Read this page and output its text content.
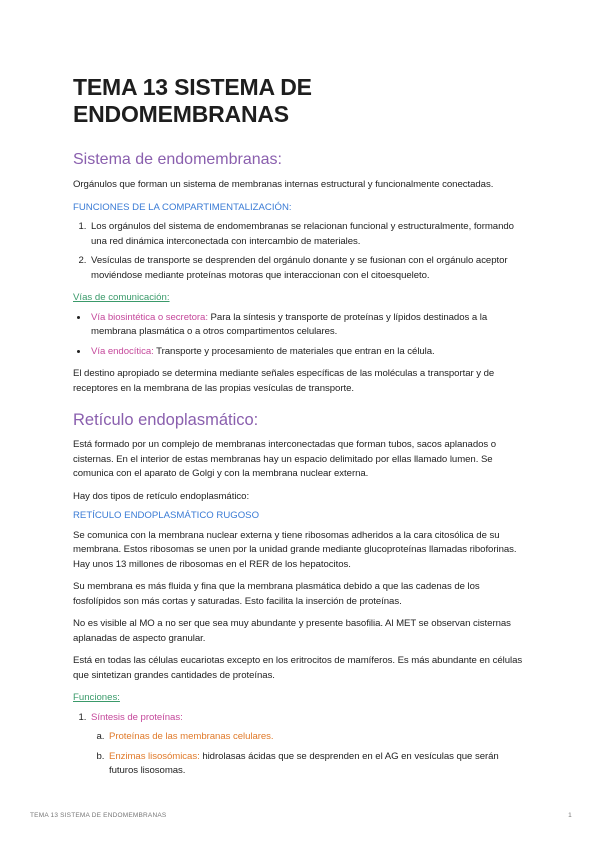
TEMA 13 SISTEMA DE ENDOMEMBRANAS
Sistema de endomembranas:

Orgánulos que forman un sistema de membranas internas estructural y funcionalmente conectadas.

FUNCIONES DE LA COMPARTIMENTALIZACIÓN:
1. Los orgánulos del sistema de endomembranas se relacionan funcional y estructuralmente, formando una red dinámica interconectada con intercambio de materiales.
2. Vesículas de transporte se desprenden del orgánulo donante y se fusionan con el orgánulo aceptor moviéndose mediante proteínas motoras que interaccionan con el citoesqueleto.
Vías de comunicación:
• Vía biosintética o secretora: Para la síntesis y transporte de proteínas y lípidos destinados a la membrana plasmática o a otros compartimentos celulares.
• Vía endocítica: Transporte y procesamiento de materiales que entran en la célula.

El destino apropiado se determina mediante señales específicas de las moléculas a transportar y de receptores en la membrana de las propias vesículas de transporte.

Retículo endoplasmático:

Está formado por un complejo de membranas interconectadas que forman tubos, sacos aplanados o cisternas. En el interior de estas membranas hay un espacio delimitado por ellas llamado lumen. Se comunica con el aparato de Golgi y con la membrana nuclear externa.

Hay dos tipos de retículo endoplasmático:

RETÍCULO ENDOPLASMÁTICO RUGOSO

Se comunica con la membrana nuclear externa y tiene ribosomas adheridos a la cara citosólica de su membrana. Estos ribosomas se unen por la unidad grande mediante glucoproteínas llamadas riboforinas. Hay unos 13 millones de ribosomas en el RER de los hepatocitos.

Su membrana es más fluida y fina que la membrana plasmática debido a que las cadenas de los fosfolípidos son más cortas y saturadas. Esto facilita la inserción de proteínas.

No es visible al MO a no ser que sea muy abundante y presente basofilia. Al MET se observan cisternas aplanadas de aspecto granular.

Está en todas las células eucariotas excepto en los eritrocitos de mamíferos. Es más abundante en células que sintetizan grandes cantidades de proteínas.

Funciones:
1. Síntesis de proteínas:
a. Proteínas de las membranas celulares.
b. Enzimas lisosómicas: hidrolasas ácidas que se desprenden en el AG en vesículas que serán futuros lisosomas.
TEMA 13 SISTEMA DE ENDOMEMBRANAS	1
